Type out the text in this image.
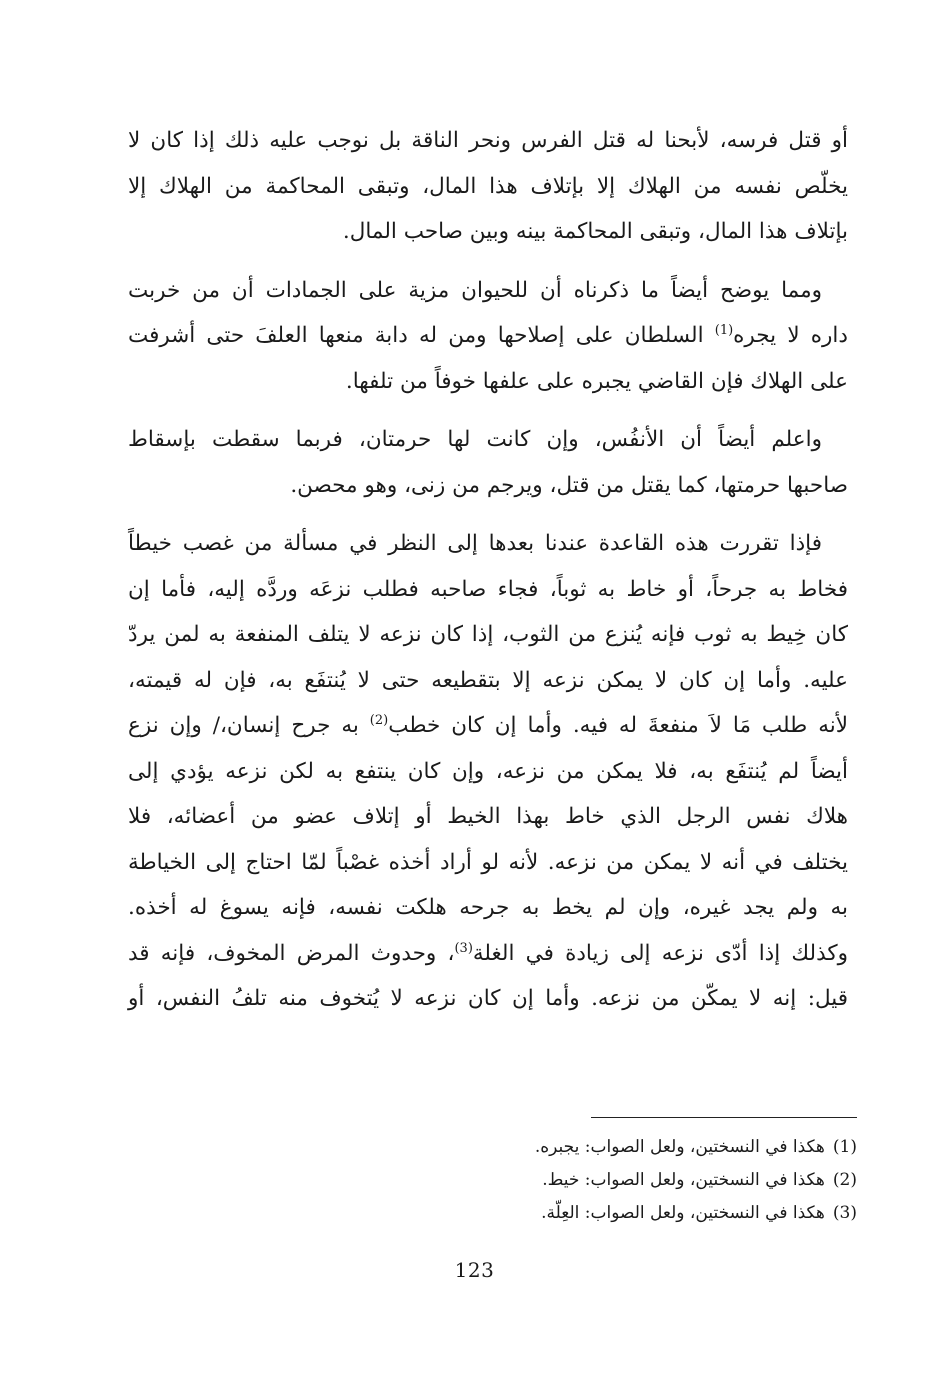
أو قتل فرسه، لأبحنا له قتل الفرس ونحر الناقة بل نوجب عليه ذلك إذا كان لا
يخلّص نفسه من الهلاك إلا بإتلاف هذا المال، وتبقى المحاكمة من الهلاك إلا
بإتلاف هذا المال، وتبقى المحاكمة بينه وبين صاحب المال.

ومما يوضح أيضاً ما ذكرناه أن للحيوان مزية على الجمادات أن من خربت
داره لا يجره$^{(1)}$ السلطان على إصلاحها ومن له دابة منعها العلفَ حتى أشرفت
على الهلاك فإن القاضي يجبره على علفها خوفاً من تلفها.

واعلم أيضاً أن الأنفُس، وإن كانت لها حرمتان، فربما سقطت بإسقاط
صاحبها حرمتها، كما يقتل من قتل، ويرجم من زنى، وهو محصن.

فإذا تقررت هذه القاعدة عندنا بعدها إلى النظر في مسألة من غصب خيطاً
فخاط به جرحاً، أو خاط به ثوباً، فجاء صاحبه فطلب نزعَه وردَّه إليه، فأما إن
كان خِيط به ثوب فإنه يُنزع من الثوب، إذا كان نزعه لا يتلف المنفعة به لمن يردّ
عليه. وأما إن كان لا يمكن نزعه إلا بتقطيعه حتى لا يُنتفَع به، فإن له قيمته،
لأنه طلب مَا لاَ منفعةَ له فيه. وأما إن كان خطب$^{(2)}$ به جرح إنسان،/ وإن نزع
أيضاً لم يُنتفَع به، فلا يمكن من نزعه، وإن كان ينتفع به لكن نزعه يؤدي إلى
هلاك نفس الرجل الذي خاط بهذا الخيط أو إتلاف عضو من أعضائه، فلا
يختلف في أنه لا يمكن من نزعه. لأنه لو أراد أخذه غصْباً لمّا احتاج إلى الخياطة
به ولم يجد غيره، وإن لم يخط به جرحه هلكت نفسه، فإنه يسوغ له أخذه.
وكذلك إذا أدّى نزعه إلى زيادة في الغلة$^{(3)}$، وحدوث المرض المخوف، فإنه قد
قيل: إنه لا يمكّن من نزعه. وأما إن كان نزعه لا يُتخوف منه تلفُ النفس، أو

(1)هكذا في النسختين، ولعل الصواب: يجبره.
(2)هكذا في النسختين، ولعل الصواب: خيط.
(3)هكذا في النسختين، ولعل الصواب: العِلّة.
123
